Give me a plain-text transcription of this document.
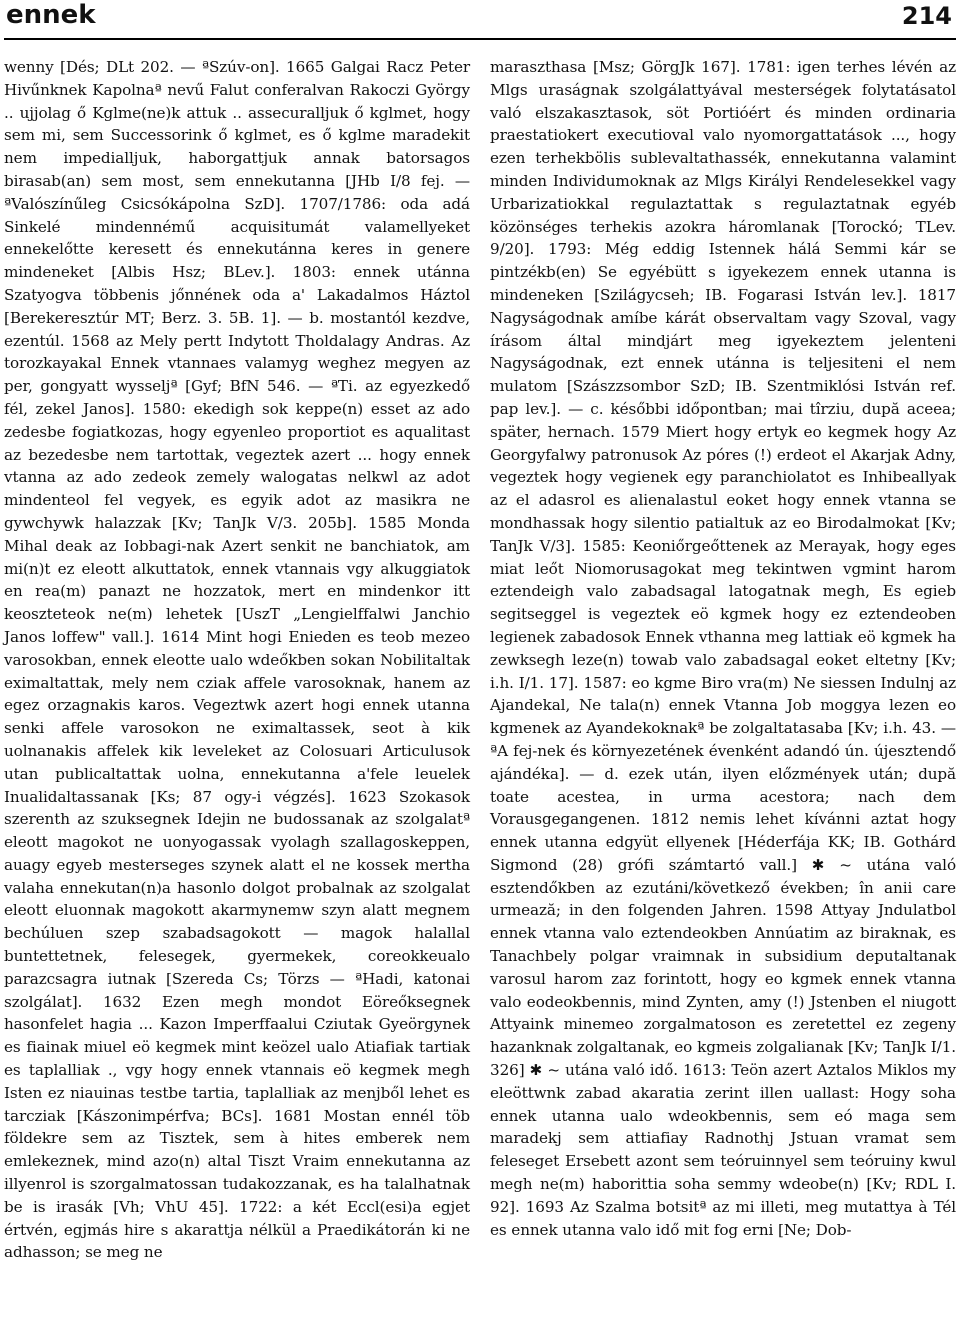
ennek	214

wenny [Dés; DLt 202. — ªSzúv-on]. 1665 Galgai Racz Peter Hivűnknek Kapolnaª nevű Falut conferalvan Rakoczi György .. ujjolag ő Kglme(ne)k attuk .. assecuralljuk ő kglmet, hogy sem mi, sem Successorink ő kglmet, es ő kglme maradekit nem impedialljuk, haborgattjuk annak batorsagos birasab(an) sem most, sem ennekutanna [JHb I/8 fej. — ªValószínűleg Csicsókápolna SzD]. 1707/1786: oda adá Sinkelé mindennémű acquisitumát valamellyeket ennekelőtte keresett és ennekutánna keres in genere mindeneket [Albis Hsz; BLev.]. 1803: ennek utánna Szatyogva többenis jőnnének oda a' Lakadalmos Háztol [Berekeresztúr MT; Berz. 3. 5B. 1]. — b. mostantól kezdve, ezentúl. 1568 az Mely pertt Indytott Tholdalagy Andras. Az torozkayakal Ennek vtannaes valamyg weghez megyen az per, gongyatt wysseljª [Gyf; BfN 546. — ªTi. az egyezkedő fél, zekel Janos]. 1580: ekedigh sok keppe(n) esset az ado zedesbe fogiatkozas, hogy egyenleo proportiot es aqualitast az bezedesbe nem tartottak, vegeztek azert ... hogy ennek vtanna az ado zedeok zemely walogatas nelkwl az adot mindenteol fel vegyek, es egyik adot az masikra ne gywchywk halazzak [Kv; TanJk V/3. 205b]. 1585 Monda Mihal deak az Iobbagi-nak Azert senkit ne banchiatok, am mi(n)t ez eleott alkuttatok, ennek vtannais vgy alkuggiatok en rea(m) panazt ne hozzatok, mert en mindenkor itt keoszteteok ne(m) lehetek [UszT „Lengielffalwi Janchio Janos loffew" vall.]. 1614 Mint hogi Enieden es teob mezeo varosokban, ennek eleotte ualo wdeőkben sokan Nobilitaltak eximaltattak, mely nem cziak affele varosoknak, hanem az egez orzagnakis karos. Vegeztwk azert hogi ennek utanna senki affele varosokon ne eximaltassek, seot à kik uolnanakis affelek kik leveleket az Colosuari Articulusok utan publicaltattak uolna, ennekutanna a'fele leuelek Inualidaltassanak [Ks; 87 ogy-i végzés]. 1623 Szokasok szerenth az szuksegnek Idejin ne budossanak az szolgalatª eleott magokot ne uonyogassak vyolagh szallagoskeppen, auagy egyeb mesterseges szynek alatt el ne kossek mertha valaha ennekutan(n)a hasonlo dolgot probalnak az szolgalat eleott eluonnak magokott akarmynemw szyn alatt megnem bechúluen szep szabadsagokott — magok halallal buntettetnek, felesegek, gyermekek, coreokkeualo parazcsagra iutnak [Szereda Cs; Törzs — ªHadi, katonai szolgálat]. 1632 Ezen megh mondot Eöreőksegnek hasonfelet hagia ... Kazon Imperffaalui Cziutak Gyeörgynek es fiainak miuel eö kegmek mint keözel ualo Atiafiak tartiak es taplalliak ., vgy hogy ennek vtannais eö kegmek megh Isten ez niauinas testbe tartia, taplalliak az menjből lehet es tarcziak [Kászonimpérfva; BCs]. 1681 Mostan ennél töb földekre sem az Tisztek, sem à hites emberek nem emlekeznek, mind azo(n) altal Tiszt Vraim ennekutanna az illyenrol is szorgalmatossan tudakozzanak, es ha talalhatnak be is irasák [Vh; VhU 45]. 1722: a két Eccl(esi)a egjet értvén, egjmás hire s akarattja nélkül a Praedikátorán ki ne adhasson; se meg ne

maraszthasa [Msz; GörgJk 167]. 1781: igen terhes lévén az Mlgs uraságnak szolgálattyával mesterségek folytatásatol való elszakasztasok, söt Portióért és minden ordinaria praestatiokert executioval valo nyomorgattatások ..., hogy ezen terhekbölis sublevaltathassék, ennekutanna valamint minden Individumoknak az Mlgs Királyi Rendelesekkel vagy Urbarizatiokkal regulaztattak s regulaztatnak egyéb közönséges terhekis azokra háromlanak [Torockó; TLev. 9/20]. 1793: Még eddig Istennek hálá Semmi kár se pintzékb(en) Se egyébütt s igyekezem ennek utanna is mindeneken [Szilágycseh; IB. Fogarasi István lev.]. 1817 Nagyságodnak amíbe kárát observaltam vagy Szoval, vagy írásom által mindjárt meg igyekeztem jelenteni Nagyságodnak, ezt ennek utánna is teljesiteni el nem mulatom [Szászzsombor SzD; IB. Szentmiklósi István ref. pap lev.]. — c. későbbi időpontban; mai tîrziu, după aceea; später, hernach. 1579 Miert hogy ertyk eo kegmek hogy Az Georgyfalwy patronusok Az póres (!) erdeot el Akarjak Adny, vegeztek hogy vegienek egy paranchiolatot es Inhibeallyak az el adasrol es alienalastul eoket hogy ennek vtanna se mondhassak hogy silentio patialtuk az eo Birodalmokat [Kv; TanJk V/3]. 1585: Keoniőrgeőttenek az Merayak, hogy eges miat leőt Niomorusagokat meg tekintwen vgmint harom eztendeigh valo zabadsagal latogatnak megh, Es egieb segitseggel is vegeztek eö kgmek hogy ez eztendeoben legienek zabadosok Ennek vthanna meg lattiak eö kgmek ha zewksegh leze(n) towab valo zabadsagal eoket eltetny [Kv; i.h. I/1. 17]. 1587: eo kgme Biro vra(m) Ne siessen Indulnj az Ajandekal, Ne tala(n) ennek Vtanna Job moggya lezen eo kgmenek az Ayandekoknakª be zolgaltatasaba [Kv; i.h. 43. — ªA fej-nek és környezetének évenként adandó ún. újesztendő ajándéka]. — d. ezek után, ilyen előzmények után; după toate acestea, in urma acestora; nach dem Vorausgegangenen. 1812 nemis lehet kívánni aztat hogy ennek utanna edgyüt ellyenek [Héderfája KK; IB. Gothárd Sigmond (28) grófi számtartó vall.] ✱ ~ utána való esztendőkben az ezutáni/következő években; în anii care urmează; in den folgenden Jahren. 1598 Attyay Jndulatbol ennek vtanna valo eztendeokben Annúatim az biraknak, es Tanachbely polgar vraimnak in subsidium deputaltanak varosul harom zaz forintott, hogy eo kgmek ennek vtanna valo eodeokbennis, mind Zynten, amy (!) Jstenben el niugott Attyaink minemeo zorgalmatoson es zeretettel ez zegeny hazanknak zolgaltanak, eo kgmeis zolgalianak [Kv; TanJk I/1. 326] ✱ ~ utána való idő. 1613: Teön azert Aztalos Miklos my eleöttwnk zabad akaratia zerint illen uallast: Hogy soha ennek utanna ualo wdeokbennis, sem eó maga sem maradekj sem attiafiay Radnothj Jstuan vramat sem feleseget Ersebett azont sem teóruinnyel sem teóruiny kwul megh ne(m) haborittia soha semmy wdeobe(n) [Kv; RDL I. 92]. 1693 Az Szalma botsitª az mi illeti, meg mutattya à Tél es ennek utanna valo idő mit fog erni [Ne; Dob-
